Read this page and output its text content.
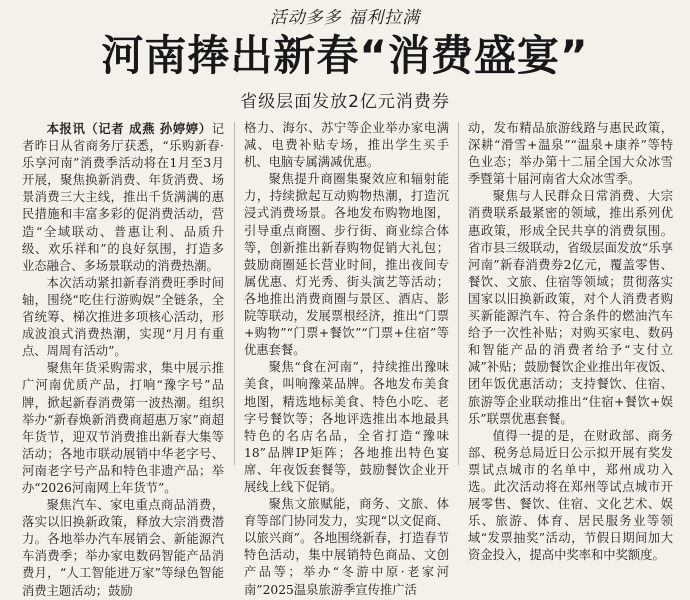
活动多多 福利拉满
河南捧出新春“消费盛宴”
省级层面发放2亿元消费券

本报讯（记者 成燕 孙婷婷）记者昨日从省商务厅获悉，“乐购新春·乐享河南”消费季活动将在1月至3月开展，聚焦换新消费、年货消费、场景消费三大主线，推出千货满满的惠民措施和丰富多彩的促消费活动，营造“全域联动、普惠让利、品质升级、欢乐祥和”的良好氛围，打造多业态融合、多场景联动的消费热潮。

本次活动紧扣新春消费旺季时间轴，围绕“吃住行游购娱”全链条，全省统筹、梯次推进多项核心活动，形成波浪式消费热潮，实现“月月有重点、周周有活动”。

聚焦年货采购需求，集中展示推广河南优质产品，打响“豫字号”品牌，掀起新春消费第一波热潮。组织举办“新春焕新消费商超惠万家”商超年货节，迎双节消费推出新春大集等活动；各地市联动展销中华老字号、河南老字号产品和特色非遗产品；举办“2026河南网上年货节”。

聚焦汽车、家电重点商品消费，落实以旧换新政策，释放大宗消费潜力。各地举办汽车展销会、新能源汽车消费季；举办家电数码智能产品消费月，“人工智能进万家”等绿色智能消费主题活动；鼓励

格力、海尔、苏宁等企业举办家电满减、电费补贴专场，推出学生买手机、电脑专属满减优惠。

聚焦提升商圈集聚效应和辐射能力，持续掀起互动购物热潮，打造沉浸式消费场景。各地发布购物地图，引导重点商圈、步行街、商业综合体等，创新推出新春购物促销大礼包；鼓励商圈延长营业时间，推出夜间专属优惠、灯光秀、街头演艺等活动；各地推出消费商圈与景区、酒店、影院等联动，发展票根经济，推出“门票+购物”“门票+餐饮”“门票+住宿”等优惠套餐。

聚焦“食在河南”，持续推出豫味美食，叫响豫菜品牌。各地发布美食地图，精选地标美食、特色小吃、老字号餐饮等；各地评选推出本地最具特色的名店名品，全省打造“豫味18”品牌IP矩阵；各地推出特色宴席、年夜饭套餐等，鼓励餐饮企业开展线上线下促销。

聚焦文旅赋能，商务、文旅、体育等部门协同发力，实现“以文促商、以旅兴商”。各地围绕新春，打造春节特色活动，集中展销特色商品、文创产品等；举办“冬游中原·老家河南”2025温泉旅游季宣传推广活

动，发布精品旅游线路与惠民政策，深耕“滑雪+温泉”“温泉+康养”等特色业态；举办第十二届全国大众冰雪季暨第十届河南省大众冰雪季。

聚焦与人民群众日常消费、大宗消费联系最紧密的领域，推出系列优惠政策，形成全民共享的消费氛围。省市县三级联动，省级层面发放“乐享河南”新春消费券2亿元，覆盖零售、餐饮、文旅、住宿等领域；贯彻落实国家以旧换新政策，对个人消费者购买新能源汽车、符合条件的燃油汽车给予一次性补贴；对购买家电、数码和智能产品的消费者给予“支付立减”补贴；鼓励餐饮企业推出年夜饭、团年饭优惠活动；支持餐饮、住宿、旅游等企业联动推出“住宿+餐饮+娱乐”联票优惠套餐。

值得一提的是，在财政部、商务部、税务总局近日公示拟开展有奖发票试点城市的名单中，郑州成功入选。此次活动将在郑州等试点城市开展零售、餐饮、住宿、文化艺术、娱乐、旅游、体育、居民服务业等领域“发票抽奖”活动，节假日期间加大资金投入，提高中奖率和中奖额度。
